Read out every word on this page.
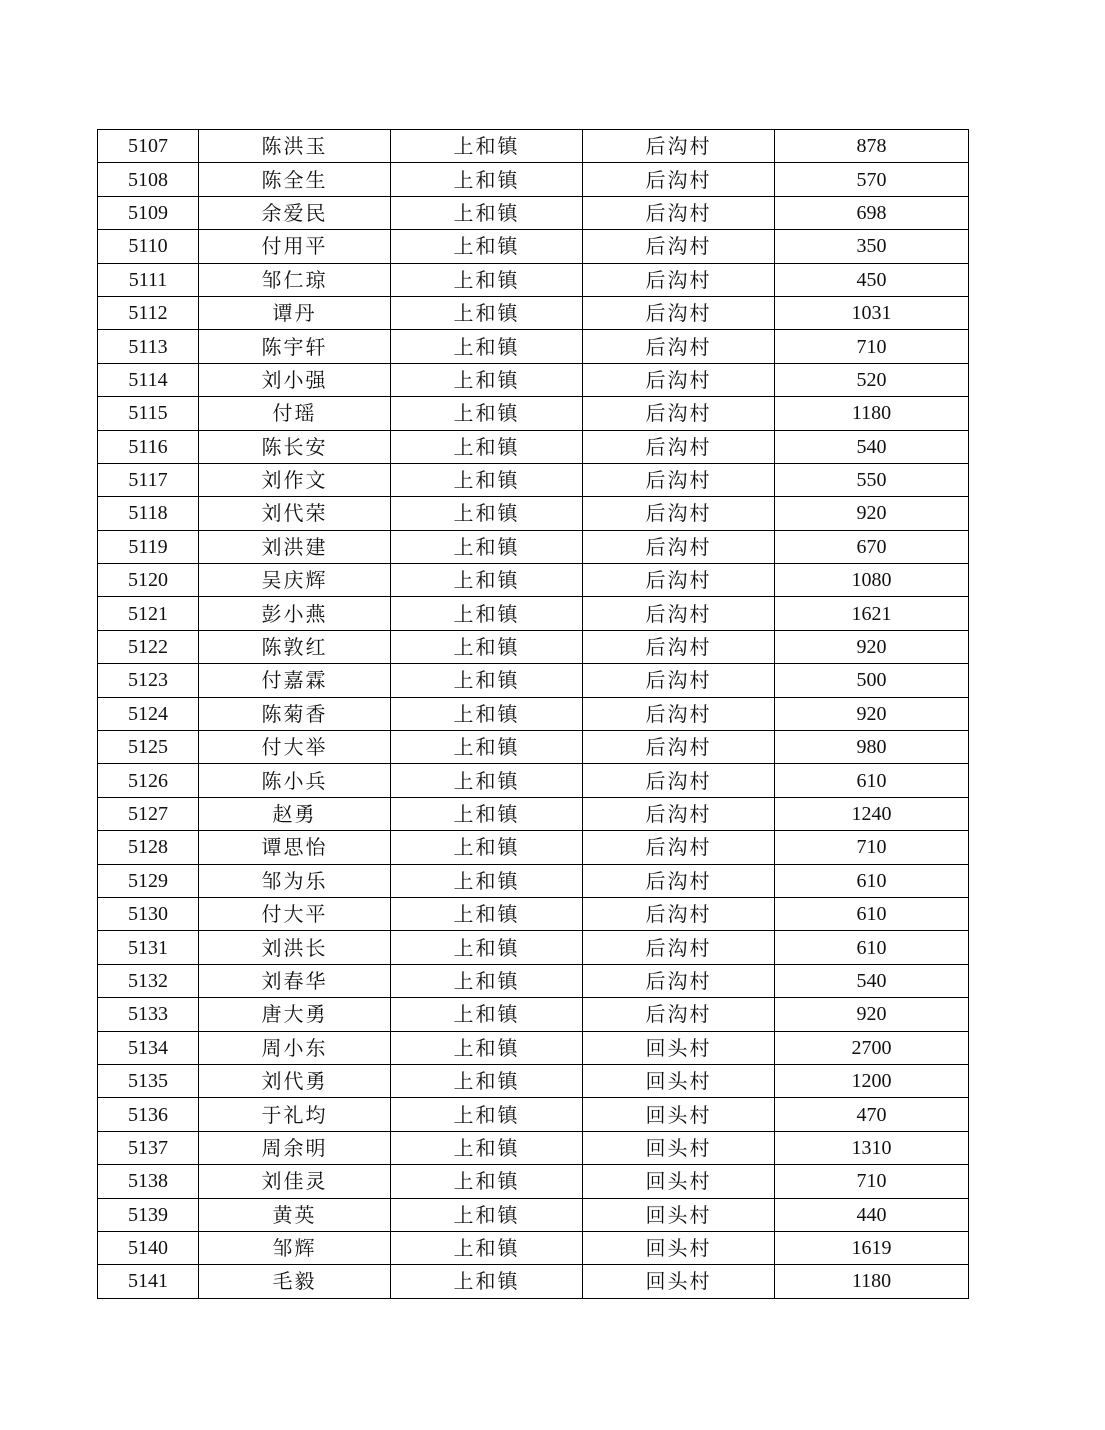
5107	陈洪玉	上和镇	后沟村	878
5108	陈全生	上和镇	后沟村	570
5109	余爱民	上和镇	后沟村	698
5110	付用平	上和镇	后沟村	350
5111	邹仁琼	上和镇	后沟村	450
5112	谭丹	上和镇	后沟村	1031
5113	陈宇轩	上和镇	后沟村	710
5114	刘小强	上和镇	后沟村	520
5115	付瑶	上和镇	后沟村	1180
5116	陈长安	上和镇	后沟村	540
5117	刘作文	上和镇	后沟村	550
5118	刘代荣	上和镇	后沟村	920
5119	刘洪建	上和镇	后沟村	670
5120	吴庆辉	上和镇	后沟村	1080
5121	彭小燕	上和镇	后沟村	1621
5122	陈敦红	上和镇	后沟村	920
5123	付嘉霖	上和镇	后沟村	500
5124	陈菊香	上和镇	后沟村	920
5125	付大举	上和镇	后沟村	980
5126	陈小兵	上和镇	后沟村	610
5127	赵勇	上和镇	后沟村	1240
5128	谭思怡	上和镇	后沟村	710
5129	邹为乐	上和镇	后沟村	610
5130	付大平	上和镇	后沟村	610
5131	刘洪长	上和镇	后沟村	610
5132	刘春华	上和镇	后沟村	540
5133	唐大勇	上和镇	后沟村	920
5134	周小东	上和镇	回头村	2700
5135	刘代勇	上和镇	回头村	1200
5136	于礼均	上和镇	回头村	470
5137	周余明	上和镇	回头村	1310
5138	刘佳灵	上和镇	回头村	710
5139	黄英	上和镇	回头村	440
5140	邹辉	上和镇	回头村	1619
5141	毛毅	上和镇	回头村	1180
